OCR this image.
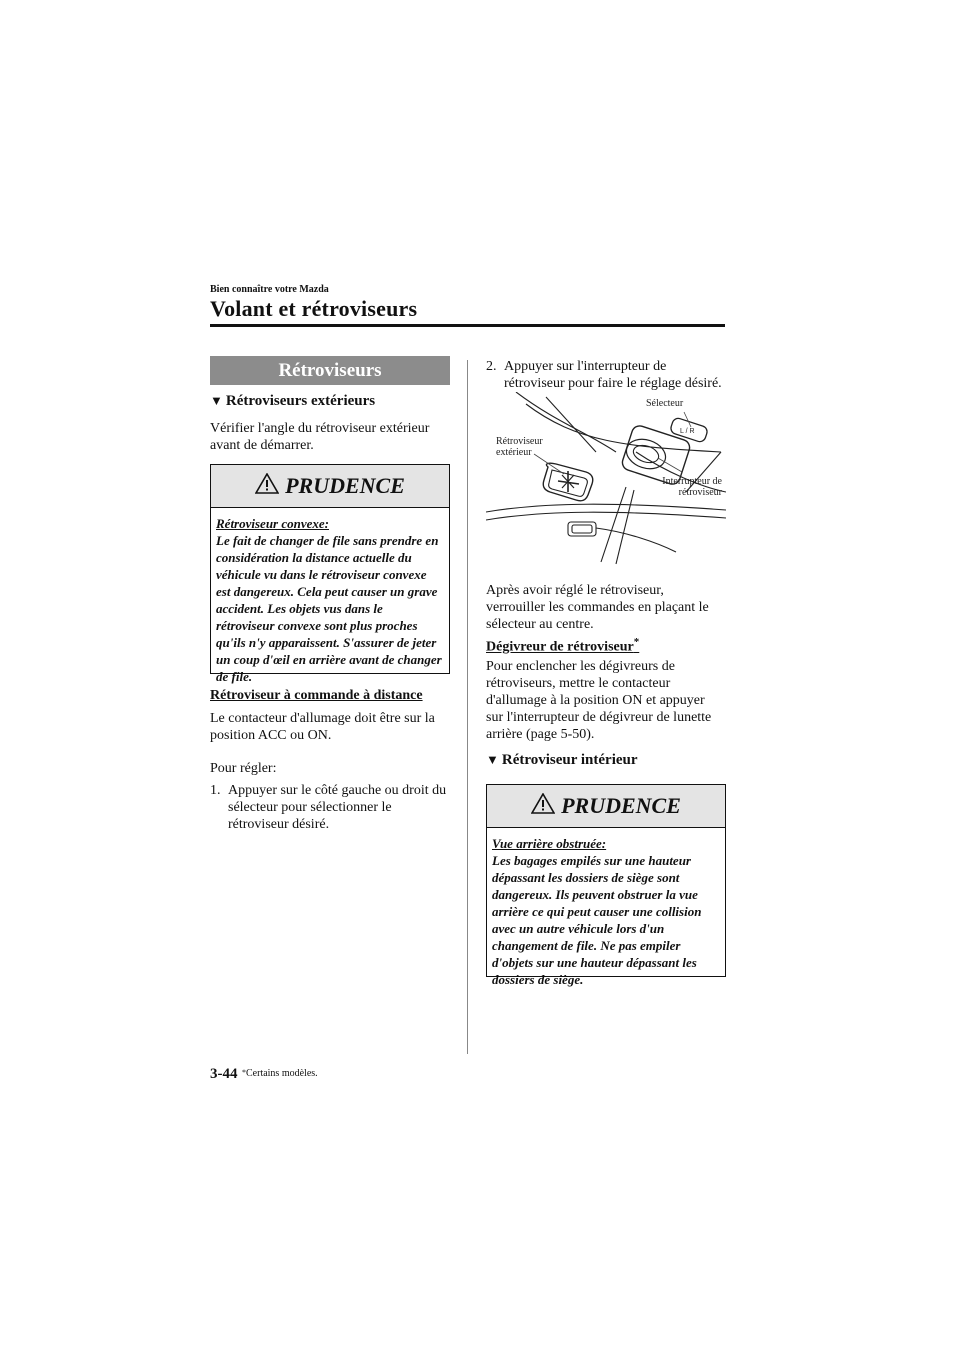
Bien connaître votre Mazda
Volant et rétroviseurs
Rétroviseurs
▼ Rétroviseurs extérieurs
Vérifier l'angle du rétroviseur extérieur avant de démarrer.
PRUDENCE
Rétroviseur convexe:
Le fait de changer de file sans prendre en considération la distance actuelle du véhicule vu dans le rétroviseur convexe est dangereux. Cela peut causer un grave accident. Les objets vus dans le rétroviseur convexe sont plus proches qu'ils n'y apparaissent. S'assurer de jeter un coup d'œil en arrière avant de changer de file.
Rétroviseur à commande à distance
Le contacteur d'allumage doit être sur la position ACC ou ON.
Pour régler:
1. Appuyer sur le côté gauche ou droit du sélecteur pour sélectionner le rétroviseur désiré.
2. Appuyer sur l'interrupteur de rétroviseur pour faire le réglage désiré.
L / R
Sélecteur
Rétroviseur
extérieur
Interrupteur de
rétroviseur
Après avoir réglé le rétroviseur, verrouiller les commandes en plaçant le sélecteur au centre.
Dégivreur de rétroviseur*
Pour enclencher les dégivreurs de rétroviseurs, mettre le contacteur d'allumage à la position ON et appuyer sur l'interrupteur de dégivreur de lunette arrière (page 5-50).
▼ Rétroviseur intérieur
PRUDENCE
Vue arrière obstruée:
Les bagages empilés sur une hauteur dépassant les dossiers de siège sont dangereux. Ils peuvent obstruer la vue arrière ce qui peut causer une collision avec un autre véhicule lors d'un changement de file. Ne pas empiler d'objets sur une hauteur dépassant les dossiers de siège.
3-44 *Certains modèles.
